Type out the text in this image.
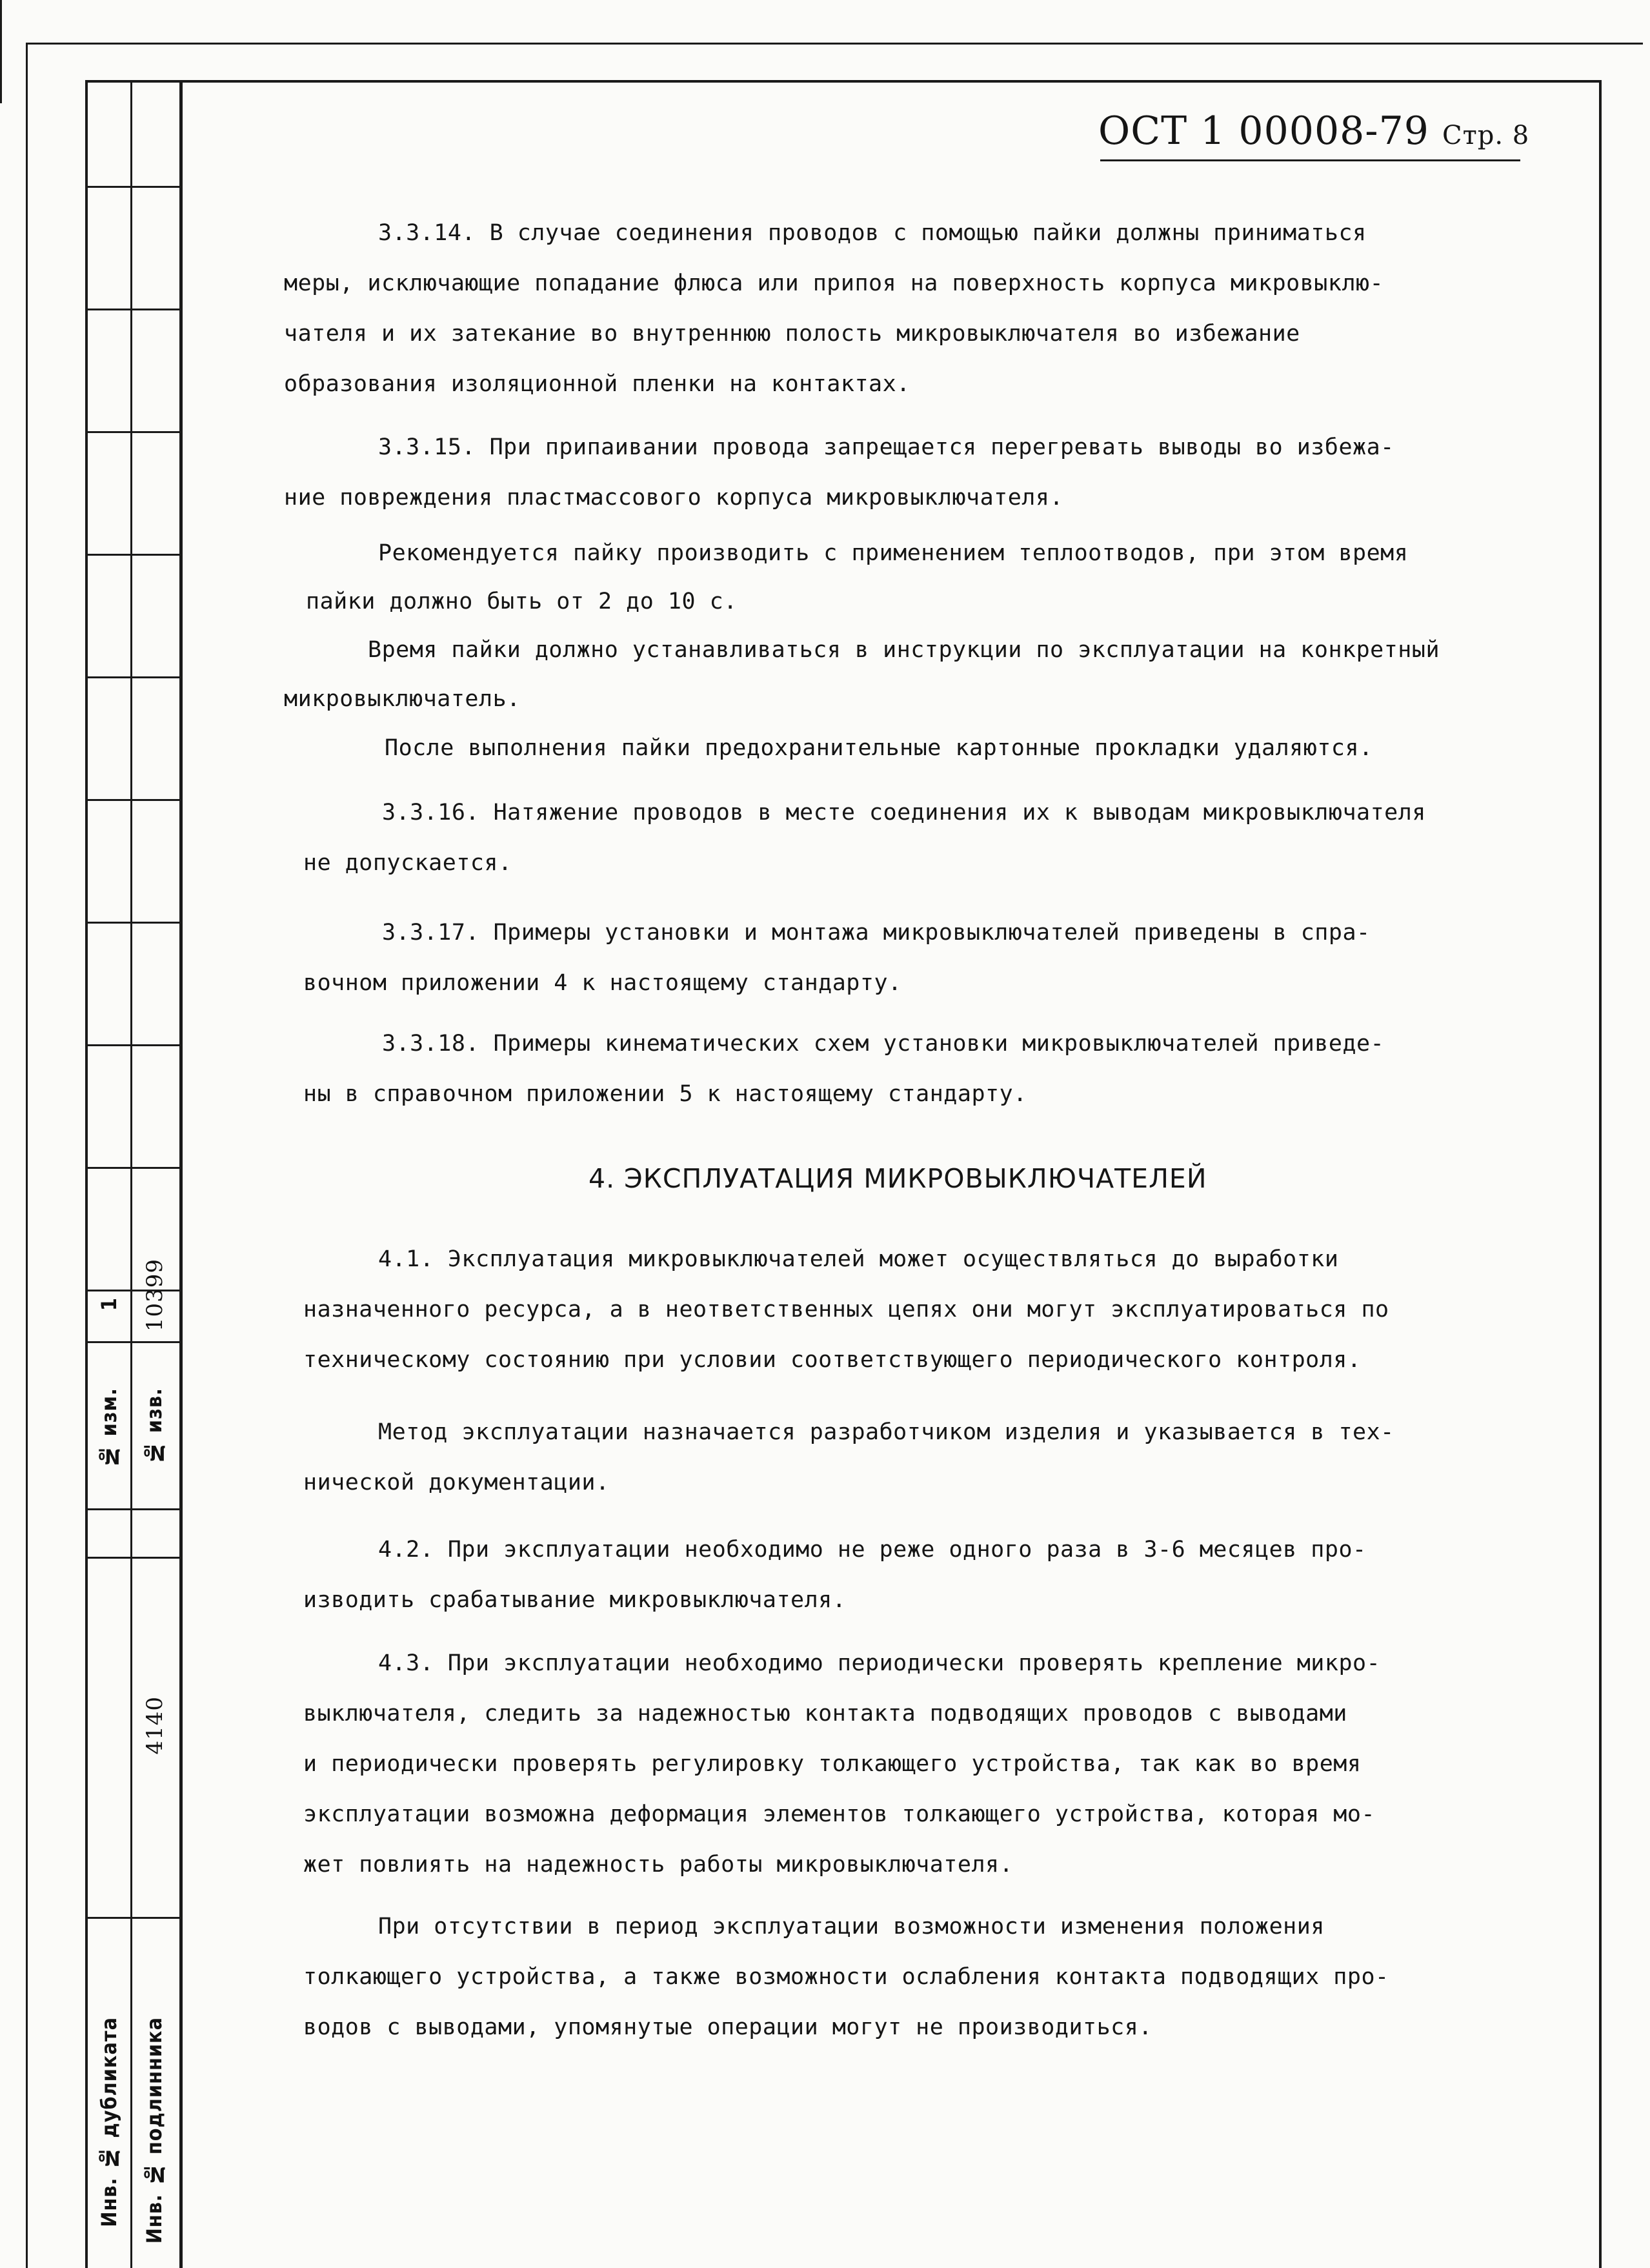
1 10399
№ изм. № изв.
4140
Инв. № дубликата Инв. № подлинника
ОСТ 1 00008-79 Стр. 8
3.3.14. В случае соединения проводов с помощью пайки должны приниматься
меры, исключающие попадание флюса или припоя на поверхность корпуса микровыклю-
чателя и их затекание во внутреннюю полость микровыключателя во избежание
образования изоляционной пленки на контактах.
3.3.15. При припаивании провода запрещается перегревать выводы во избежа-
ние повреждения пластмассового корпуса микровыключателя.
Рекомендуется пайку производить с применением теплоотводов, при этом время
пайки должно быть от 2 до 10 с.
Время пайки должно устанавливаться в инструкции по эксплуатации на конкретный
микровыключатель.
После выполнения пайки предохранительные картонные прокладки удаляются.
3.3.16. Натяжение проводов в месте соединения их к выводам микровыключателя
не допускается.
3.3.17. Примеры установки и монтажа микровыключателей приведены в спра-
вочном приложении 4 к настоящему стандарту.
3.3.18. Примеры кинематических схем установки микровыключателей приведе-
ны в справочном приложении 5 к настоящему стандарту.
4. ЭКСПЛУАТАЦИЯ МИКРОВЫКЛЮЧАТЕЛЕЙ
4.1. Эксплуатация микровыключателей может осуществляться до выработки
назначенного ресурса, а в неответственных цепях они могут эксплуатироваться по
техническому состоянию при условии соответствующего периодического контроля.
Метод эксплуатации назначается разработчиком изделия и указывается в тех-
нической документации.
4.2. При эксплуатации необходимо не реже одного раза в 3-6 месяцев про-
изводить срабатывание микровыключателя.
4.3. При эксплуатации необходимо периодически проверять крепление микро-
выключателя, следить за надежностью контакта подводящих проводов с выводами
и периодически проверять регулировку толкающего устройства, так как во время
эксплуатации возможна деформация элементов толкающего устройства, которая мо-
жет повлиять на надежность работы микровыключателя.
При отсутствии в период эксплуатации возможности изменения положения
толкающего устройства, а также возможности ослабления контакта подводящих про-
водов с выводами, упомянутые операции могут не производиться.
